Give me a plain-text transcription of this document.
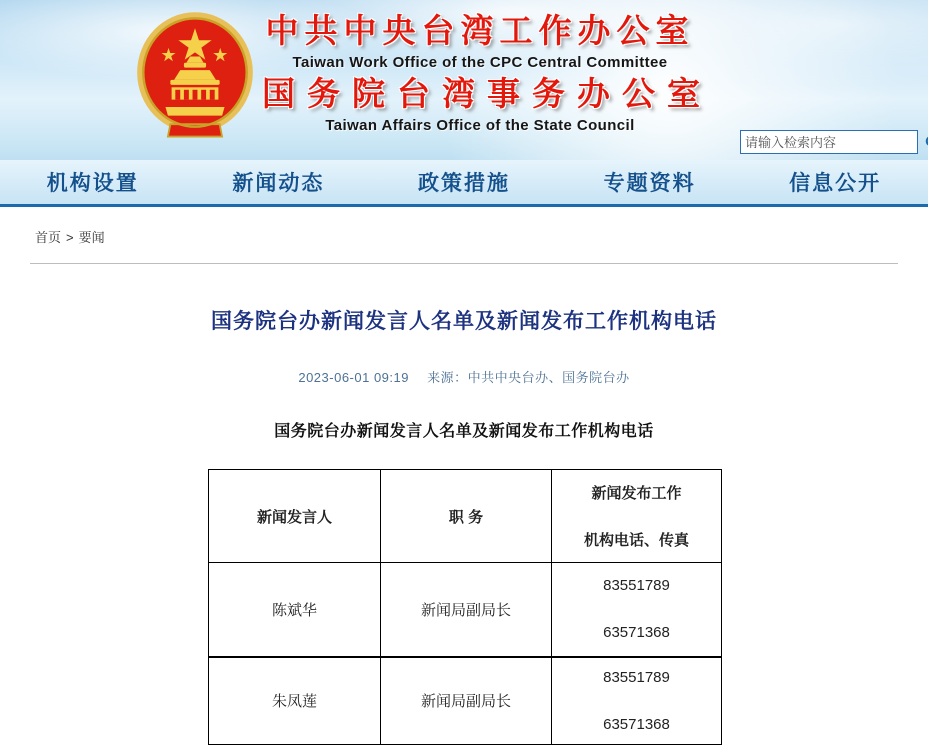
中共中央台湾工作办公室
Taiwan Work Office of the CPC Central Committee
国务院台湾事务办公室
Taiwan Affairs Office of the State Council
请输入检索内容
机构设置	新闻动态	政策措施	专题资料	信息公开
首页 > 要闻
国务院台办新闻发言人名单及新闻发布工作机构电话
2023-06-01 09:19 来源：中共中央台办、国务院台办
国务院台办新闻发言人名单及新闻发布工作机构电话
新闻发言人	职 务	新闻发布工作
机构电话、传真

陈斌华	新闻局副局长	83551789
63571368

朱凤莲	新闻局副局长	83551789
63571368
